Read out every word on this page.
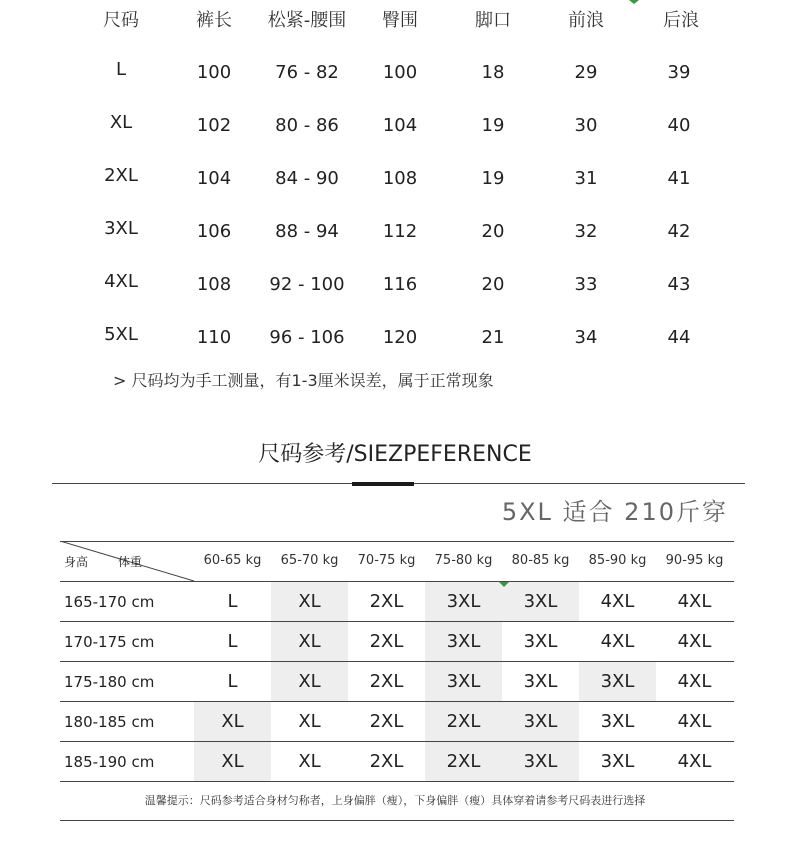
尺码	裤长	松紧-腰围	臀围	脚口	前浪	后浪
L	100	76 - 82	100	18	29	39
XL	102	80 - 86	104	19	30	40
2XL	104	84 - 90	108	19	31	41
3XL	106	88 - 94	112	20	32	42
4XL	108	92 - 100	116	20	33	43
5XL	110	96 - 106	120	21	34	44
> 尺码均为手工测量，有1-3厘米误差，属于正常现象
尺码参考/SIEZPEFERENCE
5XL 适合 210斤穿
身高 体重	60-65 kg	65-70 kg	70-75 kg	75-80 kg	80-85 kg	85-90 kg	90-95 kg
165-170 cm	L	XL	2XL	3XL	3XL	4XL	4XL
170-175 cm	L	XL	2XL	3XL	3XL	4XL	4XL
175-180 cm	L	XL	2XL	3XL	3XL	3XL	4XL
180-185 cm	XL	XL	2XL	2XL	3XL	3XL	4XL
185-190 cm	XL	XL	2XL	2XL	3XL	3XL	4XL
温馨提示：尺码参考适合身材匀称者，上身偏胖（瘦），下身偏胖（瘦）具体穿着请参考尺码表进行选择
